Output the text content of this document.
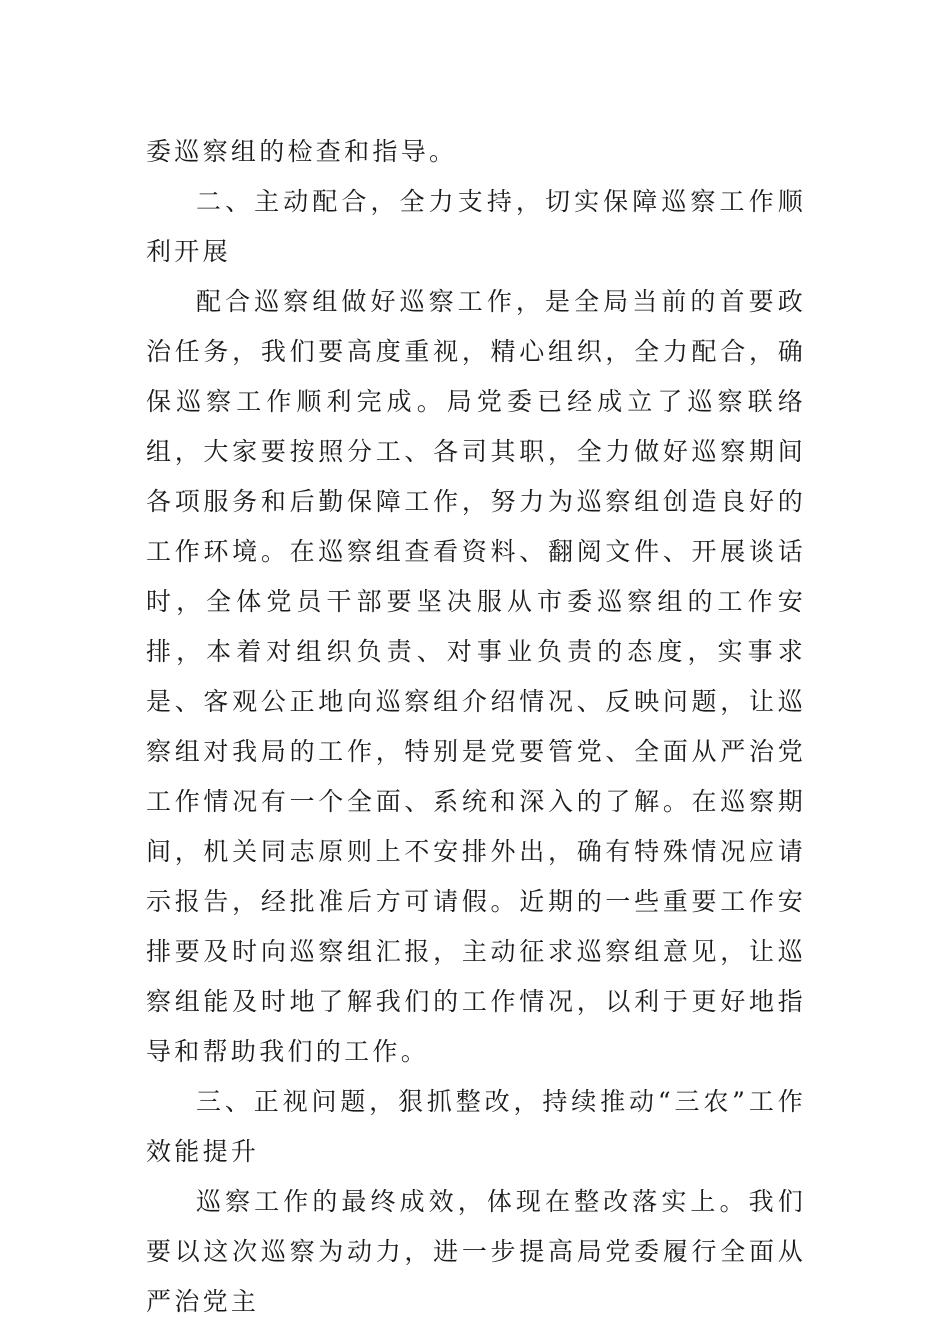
委巡察组的检查和指导。

二、主动配合，全力支持，切实保障巡察工作顺利开展

配合巡察组做好巡察工作，是全局当前的首要政治任务，我们要高度重视，精心组织，全力配合，确保巡察工作顺利完成。局党委已经成立了巡察联络组，大家要按照分工、各司其职，全力做好巡察期间各项服务和后勤保障工作，努力为巡察组创造良好的工作环境。在巡察组查看资料、翻阅文件、开展谈话时，全体党员干部要坚决服从市委巡察组的工作安排，本着对组织负责、对事业负责的态度，实事求是、客观公正地向巡察组介绍情况、反映问题，让巡察组对我局的工作，特别是党要管党、全面从严治党工作情况有一个全面、系统和深入的了解。在巡察期间，机关同志原则上不安排外出，确有特殊情况应请示报告，经批准后方可请假。近期的一些重要工作安排要及时向巡察组汇报，主动征求巡察组意见，让巡察组能及时地了解我们的工作情况，以利于更好地指导和帮助我们的工作。

三、正视问题，狠抓整改，持续推动“三农”工作效能提升

巡察工作的最终成效，体现在整改落实上。我们要以这次巡察为动力，进一步提高局党委履行全面从严治党主
